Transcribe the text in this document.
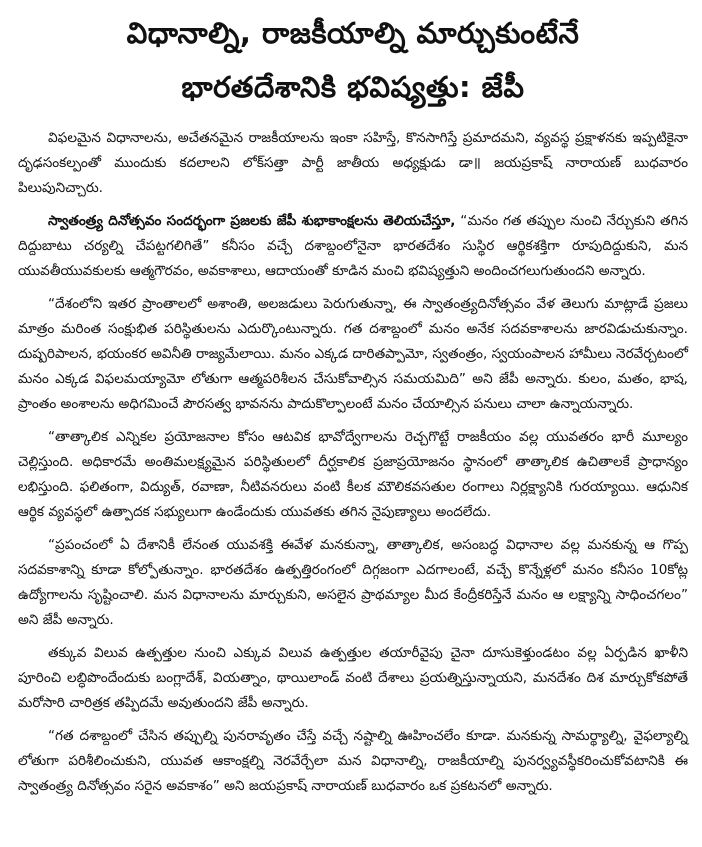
విధానాల్ని, రాజకీయాల్ని మార్చుకుంటేనే
భారతదేశానికి భవిష్యత్తు: జేపీ

విఫలమైన విధానాలను, అచేతనమైన రాజకీయాలను ఇంకా సహిస్తే, కొనసాగిస్తే ప్రమాదమని, వ్యవస్థ ప్రక్షాళనకు ఇప్పటికైనా దృఢసంకల్పంతో ముందుకు కదలాలని లోక్‌సత్తా పార్టీ జాతీయ అధ్యక్షుడు డా॥ జయప్రకాష్ నారాయణ్ బుధవారం పిలుపునిచ్చారు.

స్వాతంత్ర్య దినోత్సవం సందర్భంగా ప్రజలకు జేపీ శుభాకాంక్షలను తెలియచేస్తూ, “మనం గత తప్పుల నుంచి నేర్చుకుని తగిన దిద్దుబాటు చర్యల్ని చేపట్టగలిగితే” కనీసం వచ్చే దశాబ్దంలోనైనా భారతదేశం సుస్థిర ఆర్థికశక్తిగా రూపుదిద్దుకుని, మన యువతీయువకులకు ఆత్మగౌరవం, అవకాశాలు, ఆదాయంతో కూడిన మంచి భవిష్యత్తుని అందించగలుగుతుందని అన్నారు.

“దేశంలోని ఇతర ప్రాంతాలలో అశాంతి, అలజడులు పెరుగుతున్నా, ఈ స్వాతంత్ర్యదినోత్సవం వేళ తెలుగు మాట్లాడే ప్రజలు మాత్రం మరింత సంక్షుభిత పరిస్థితులను ఎదుర్కొంటున్నారు. గత దశాబ్దంలో మనం అనేక సదవకాశాలను జారవిడుచుకున్నాం. దుష్పరిపాలన, భయంకర అవినీతి రాజ్యమేలాయి. మనం ఎక్కడ దారితప్పామో, స్వతంత్రం, స్వయంపాలన హామీలు నెరవేర్చటంలో మనం ఎక్కడ విఫలమయ్యామో లోతుగా ఆత్మపరిశీలన చేసుకోవాల్సిన సమయమిది” అని జేపీ అన్నారు. కులం, మతం, భాష, ప్రాంతం అంశాలను అధిగమించే పౌరసత్వ భావనను పాదుకొల్పాలంటే మనం చేయాల్సిన పనులు చాలా ఉన్నాయన్నారు.

“తాత్కాలిక ఎన్నికల ప్రయోజనాల కోసం ఆటవిక భావోద్వేగాలను రెచ్చగొట్టే రాజకీయం వల్ల యువతరం భారీ మూల్యం చెల్లిస్తుంది. అధికారమే అంతిమలక్ష్యమైన పరిస్థితులలో దీర్ఘకాలిక ప్రజాప్రయోజనం స్థానంలో తాత్కాలిక ఉచితాలకే ప్రాధాన్యం లభిస్తుంది. ఫలితంగా, విద్యుత్, రవాణా, నీటివనరులు వంటి కీలక మౌలికవసతుల రంగాలు నిర్లక్ష్యానికి గురయ్యాయి. ఆధునిక ఆర్థిక వ్యవస్థలో ఉత్పాదక సభ్యులుగా ఉండేందుకు యువతకు తగిన నైపుణ్యాలు అందలేదు.

“ప్రపంచంలో ఏ దేశానికీ లేనంత యువశక్తి ఈవేళ మనకున్నా, తాత్కాలిక, అసంబద్ధ విధానాల వల్ల మనకున్న ఆ గొప్ప సదవకాశాన్ని కూడా కోల్పోతున్నాం. భారతదేశం ఉత్పత్తిరంగంలో దిగ్గజంగా ఎదగాలంటే, వచ్చే కొన్నేళ్లలో మనం కనీసం 10కోట్ల ఉద్యోగాలను సృష్టించాలి. మన విధానాలను మార్చుకుని, అసలైన ప్రాథమ్యాల మీద కేంద్రీకరిస్తేనే మనం ఆ లక్ష్యాన్ని సాధించగలం” అని జేపీ అన్నారు.

తక్కువ విలువ ఉత్పత్తుల నుంచి ఎక్కువ విలువ ఉత్పత్తుల తయారీవైపు చైనా దూసుకెళ్తుండటం వల్ల ఏర్పడిన ఖాళీని పూరించి లబ్ధిపొందేందుకు బంగ్లాదేశ్, వియత్నాం, థాయిలాండ్ వంటి దేశాలు ప్రయత్నిస్తున్నాయని, మనదేశం దిశ మార్చుకోకపోతే మరోసారి చారిత్రక తప్పిదమే అవుతుందని జేపీ అన్నారు.

“గత దశాబ్దంలో చేసిన తప్పుల్ని పునరావృతం చేస్తే వచ్చే నష్టాల్ని ఊహించలేం కూడా. మనకున్న సామర్థ్యాల్ని, వైఫల్యాల్ని లోతుగా పరిశీలించుకుని, యువత ఆకాంక్షల్ని నెరవేర్చేలా మన విధానాల్ని, రాజకీయాల్ని పునర్వ్యవస్థీకరించుకోవటానికి ఈ స్వాతంత్ర్య దినోత్సవం సరైన అవకాశం” అని జయప్రకాష్ నారాయణ్ బుధవారం ఒక ప్రకటనలో అన్నారు.
